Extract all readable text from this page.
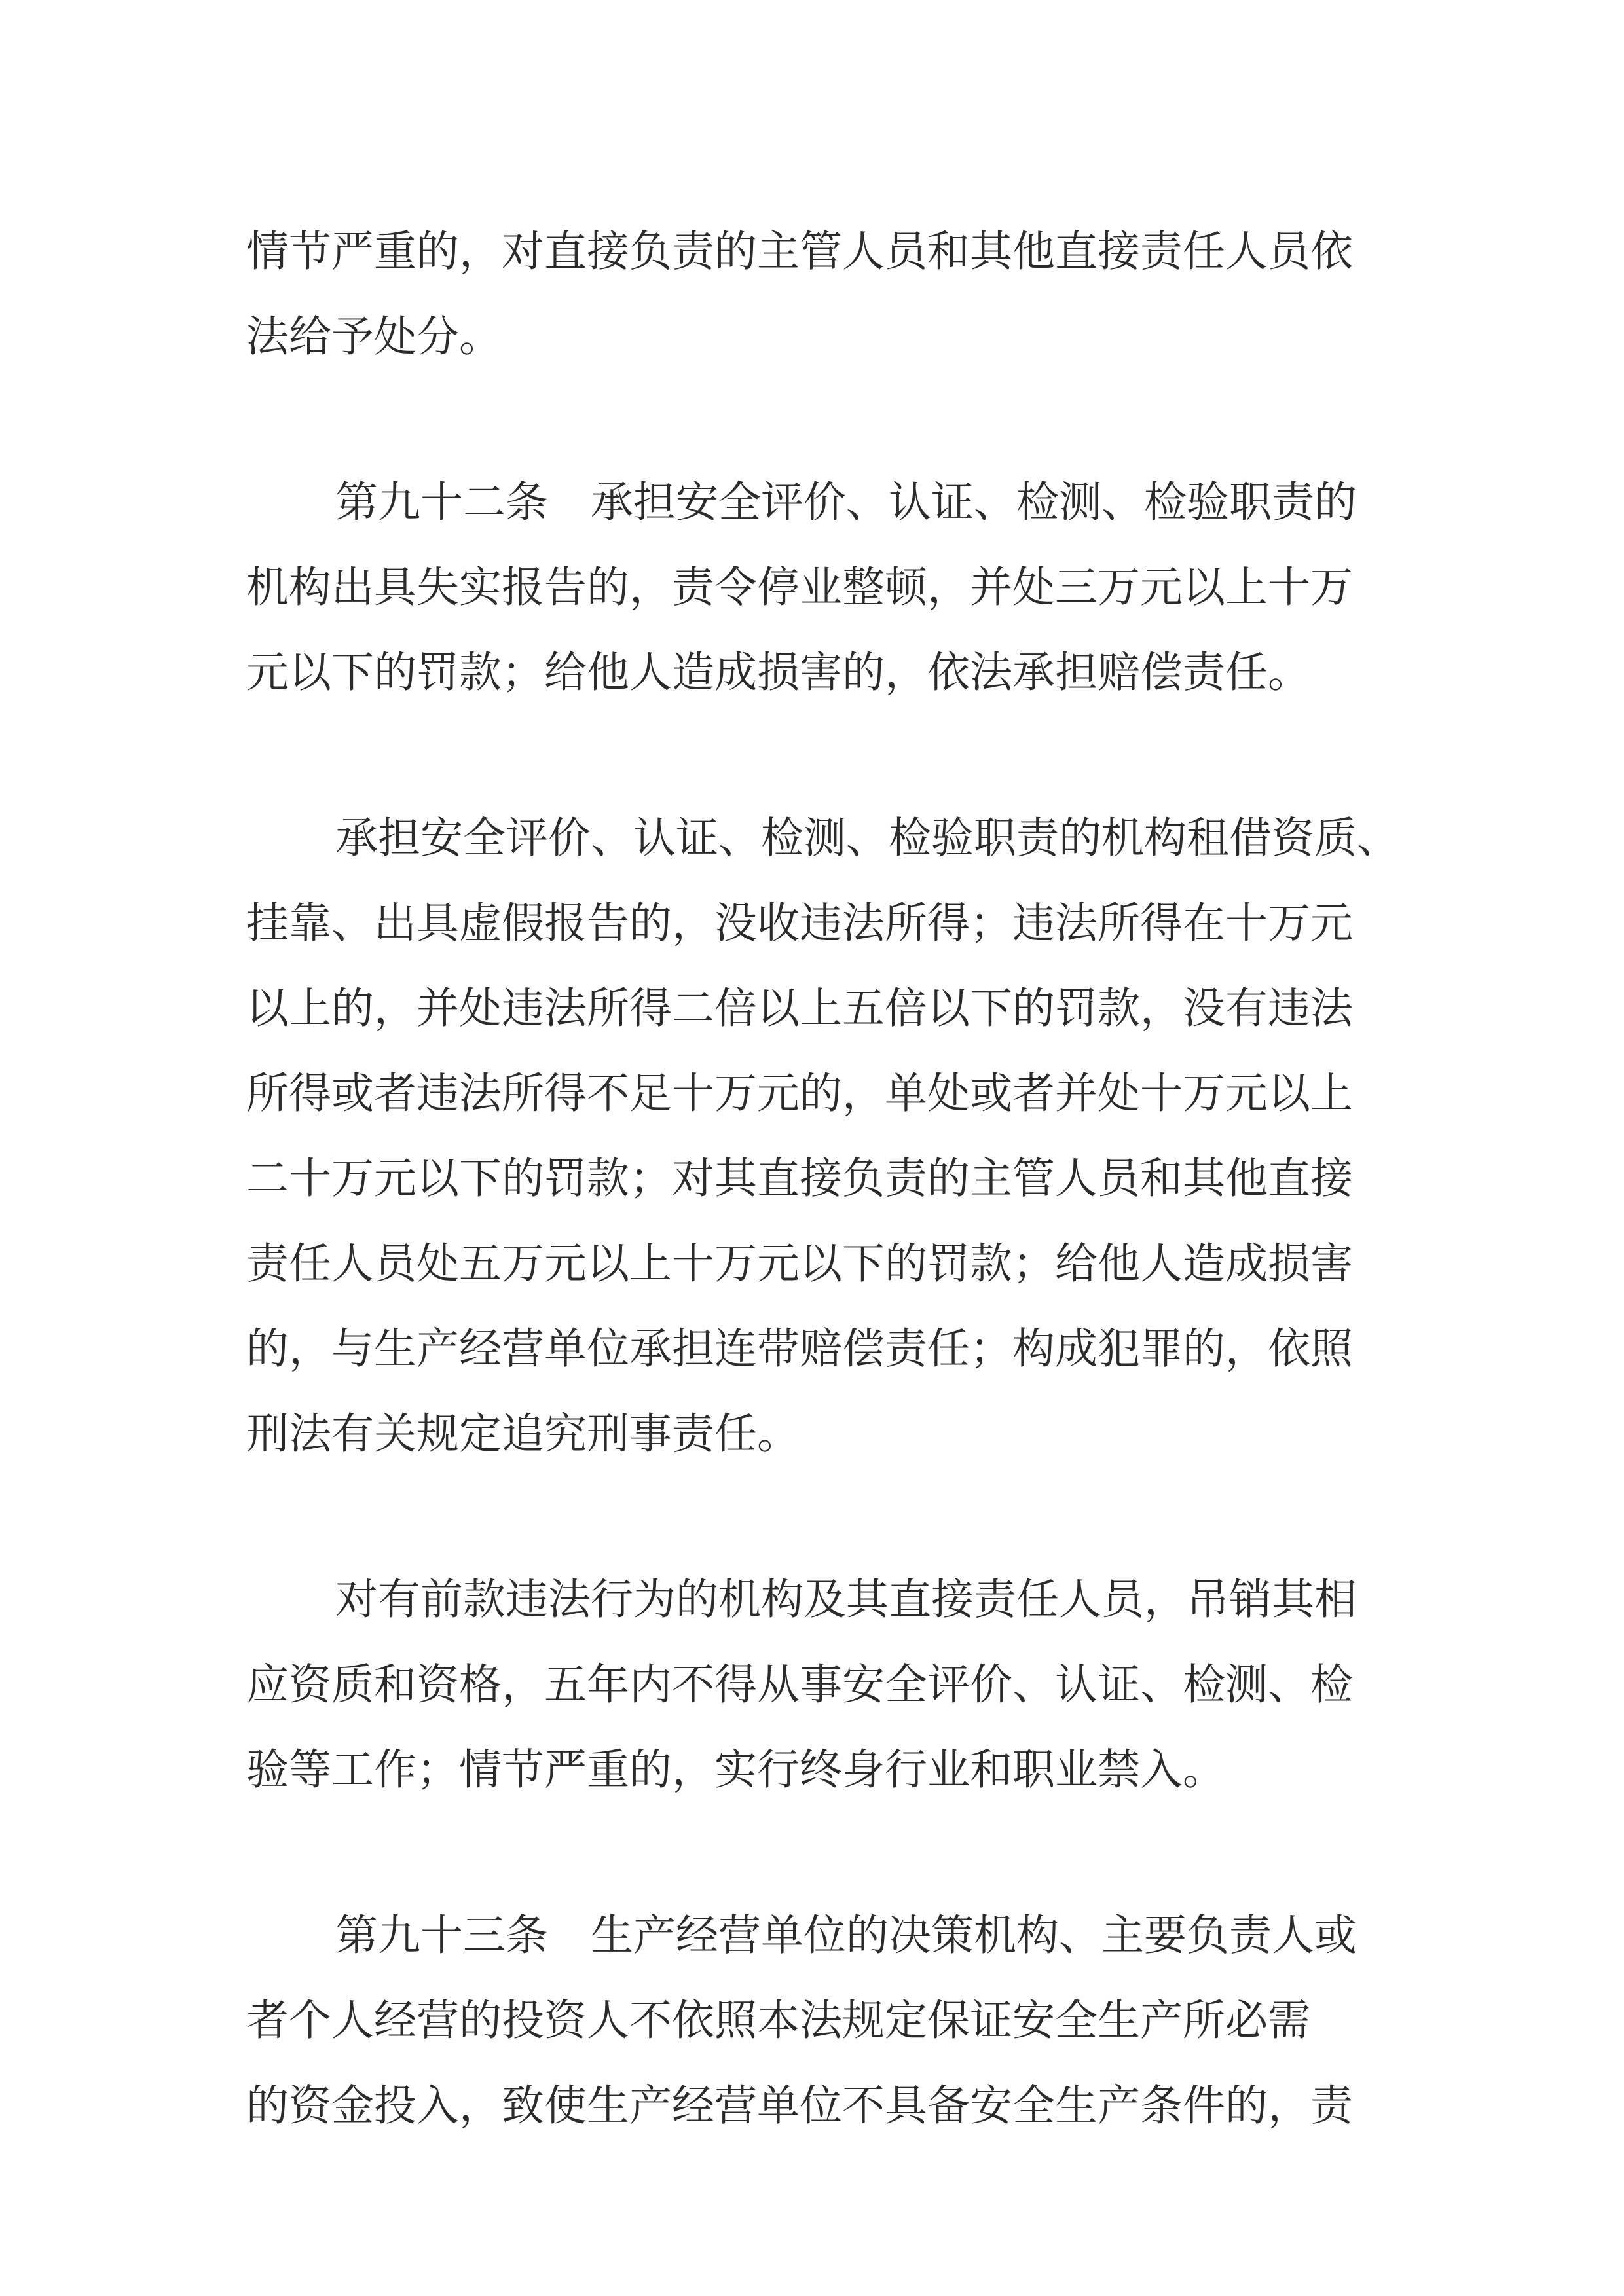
情节严重的，对直接负责的主管人员和其他直接责任人员依
法给予处分。
第九十二条　承担安全评价、认证、检测、检验职责的
机构出具失实报告的，责令停业整顿，并处三万元以上十万
元以下的罚款；给他人造成损害的，依法承担赔偿责任。
承担安全评价、认证、检测、检验职责的机构租借资质、
挂靠、出具虚假报告的，没收违法所得；违法所得在十万元
以上的，并处违法所得二倍以上五倍以下的罚款，没有违法
所得或者违法所得不足十万元的，单处或者并处十万元以上
二十万元以下的罚款；对其直接负责的主管人员和其他直接
责任人员处五万元以上十万元以下的罚款；给他人造成损害
的，与生产经营单位承担连带赔偿责任；构成犯罪的，依照
刑法有关规定追究刑事责任。
对有前款违法行为的机构及其直接责任人员，吊销其相
应资质和资格，五年内不得从事安全评价、认证、检测、检
验等工作；情节严重的，实行终身行业和职业禁入。
第九十三条　生产经营单位的决策机构、主要负责人或
者个人经营的投资人不依照本法规定保证安全生产所必需
的资金投入，致使生产经营单位不具备安全生产条件的，责
